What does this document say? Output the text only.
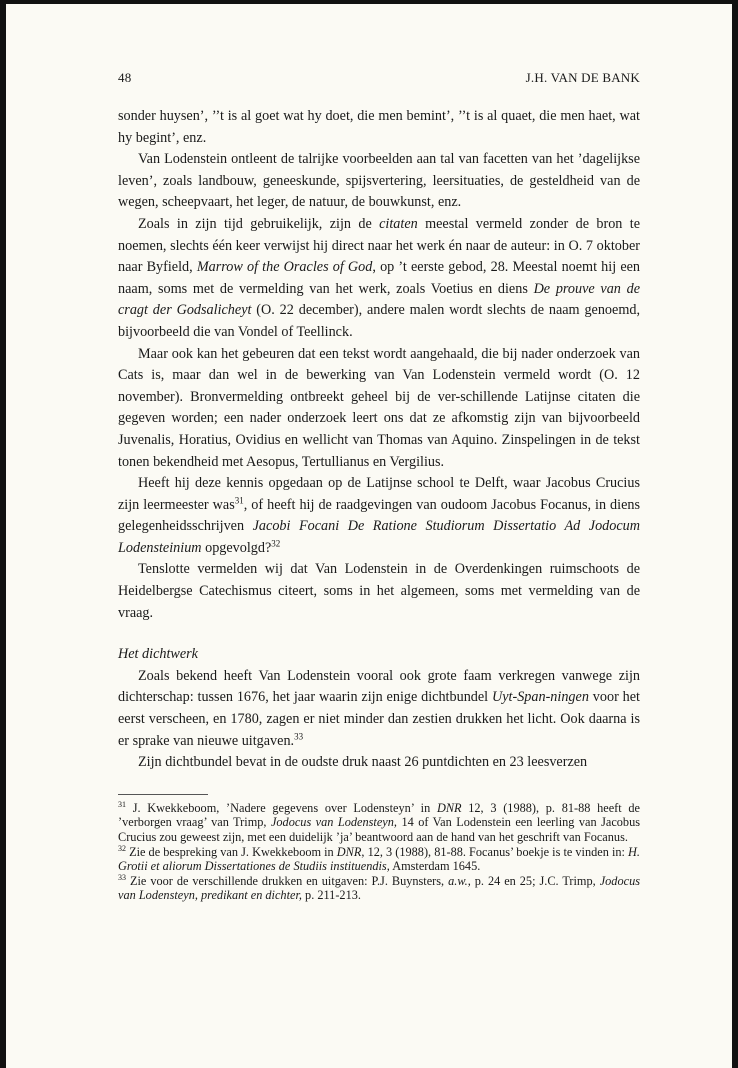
48	J.H. VAN DE BANK

sonder huysen’, ’’t is al goet wat hy doet, die men bemint’, ’’t is al quaet, die men haet, wat hy begint’, enz.

Van Lodenstein ontleent de talrijke voorbeelden aan tal van facetten van het ’dagelijkse leven’, zoals landbouw, geneeskunde, spijsvertering, leersituaties, de gesteldheid van de wegen, scheepvaart, het leger, de natuur, de bouwkunst, enz.

Zoals in zijn tijd gebruikelijk, zijn de citaten meestal vermeld zonder de bron te noemen, slechts één keer verwijst hij direct naar het werk én naar de auteur: in O. 7 oktober naar Byfield, Marrow of the Oracles of God, op ’t eerste gebod, 28. Meestal noemt hij een naam, soms met de vermelding van het werk, zoals Voetius en diens De prouve van de cragt der Godsalicheyt (O. 22 december), andere malen wordt slechts de naam genoemd, bijvoorbeeld die van Vondel of Teellinck.

Maar ook kan het gebeuren dat een tekst wordt aangehaald, die bij nader onderzoek van Cats is, maar dan wel in de bewerking van Van Lodenstein vermeld wordt (O. 12 november). Bronvermelding ontbreekt geheel bij de ver-schillende Latijnse citaten die gegeven worden; een nader onderzoek leert ons dat ze afkomstig zijn van bijvoorbeeld Juvenalis, Horatius, Ovidius en wellicht van Thomas van Aquino. Zinspelingen in de tekst tonen bekendheid met Aesopus, Tertullianus en Vergilius.

Heeft hij deze kennis opgedaan op de Latijnse school te Delft, waar Jacobus Crucius zijn leermeester was$^{31}$, of heeft hij de raadgevingen van oudoom Jacobus Focanus, in diens gelegenheidsschrijven Jacobi Focani De Ratione Studiorum Dissertatio Ad Jodocum Lodensteinium opgevolgd?$^{32}$

Tenslotte vermelden wij dat Van Lodenstein in de Overdenkingen ruimschoots de Heidelbergse Catechismus citeert, soms in het algemeen, soms met vermelding van de vraag.

Het dichtwerk

Zoals bekend heeft Van Lodenstein vooral ook grote faam verkregen vanwege zijn dichterschap: tussen 1676, het jaar waarin zijn enige dichtbundel Uyt-Span-ningen voor het eerst verscheen, en 1780, zagen er niet minder dan zestien drukken het licht. Ook daarna is er sprake van nieuwe uitgaven.$^{33}$

Zijn dichtbundel bevat in de oudste druk naast 26 puntdichten en 23 leesverzen

$^{31}$ J. Kwekkeboom, ’Nadere gegevens over Lodensteyn’ in DNR 12, 3 (1988), p. 81-88 heeft de ’verborgen vraag’ van Trimp, Jodocus van Lodensteyn, 14 of Van Lodenstein een leerling van Jacobus Crucius zou geweest zijn, met een duidelijk ’ja’ beantwoord aan de hand van het geschrift van Focanus.

$^{32}$ Zie de bespreking van J. Kwekkeboom in DNR, 12, 3 (1988), 81-88. Focanus’ boekje is te vinden in: H. Grotii et aliorum Dissertationes de Studiis instituendis, Amsterdam 1645.

$^{33}$ Zie voor de verschillende drukken en uitgaven: P.J. Buynsters, a.w., p. 24 en 25; J.C. Trimp, Jodocus van Lodensteyn, predikant en dichter, p. 211-213.
